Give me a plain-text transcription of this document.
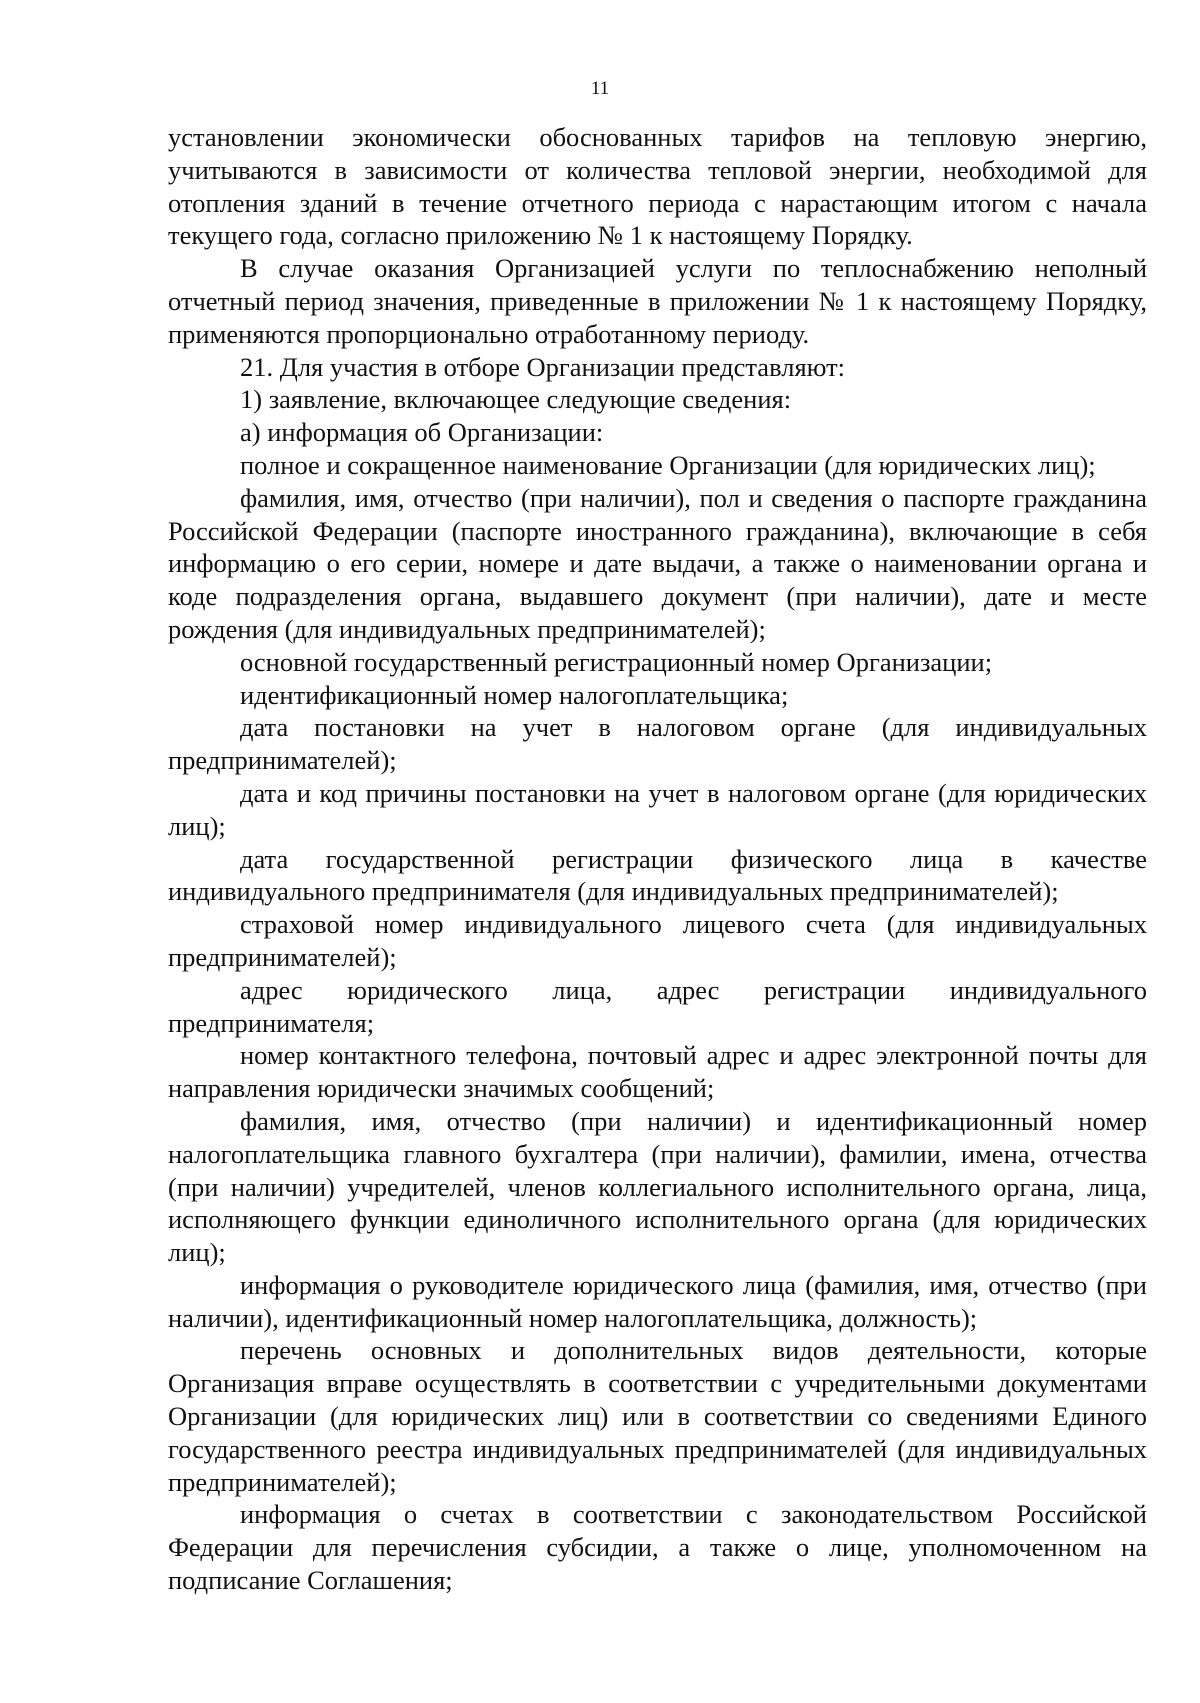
11

установлении экономически обоснованных тарифов на тепловую энергию, учитываются в зависимости от количества тепловой энергии, необходимой для отопления зданий в течение отчетного периода с нарастающим итогом с начала текущего года, согласно приложению № 1 к настоящему Порядку.

В случае оказания Организацией услуги по теплоснабжению неполный отчетный период значения, приведенные в приложении № 1 к настоящему Порядку, применяются пропорционально отработанному периоду.

21. Для участия в отборе Организации представляют:

1) заявление, включающее следующие сведения:

а) информация об Организации:

полное и сокращенное наименование Организации (для юридических лиц);

фамилия, имя, отчество (при наличии), пол и сведения о паспорте гражданина Российской Федерации (паспорте иностранного гражданина), включающие в себя информацию о его серии, номере и дате выдачи, а также о наименовании органа и коде подразделения органа, выдавшего документ (при наличии), дате и месте рождения (для индивидуальных предпринимателей);

основной государственный регистрационный номер Организации;

идентификационный номер налогоплательщика;

дата постановки на учет в налоговом органе (для индивидуальных предпринимателей);

дата и код причины постановки на учет в налоговом органе (для юридических лиц);

дата государственной регистрации физического лица в качестве индивидуального предпринимателя (для индивидуальных предпринимателей);

страховой номер индивидуального лицевого счета (для индивидуальных предпринимателей);

адрес юридического лица, адрес регистрации индивидуального предпринимателя;

номер контактного телефона, почтовый адрес и адрес электронной почты для направления юридически значимых сообщений;

фамилия, имя, отчество (при наличии) и идентификационный номер налогоплательщика главного бухгалтера (при наличии), фамилии, имена, отчества (при наличии) учредителей, членов коллегиального исполнительного органа, лица, исполняющего функции единоличного исполнительного органа (для юридических лиц);

информация о руководителе юридического лица (фамилия, имя, отчество (при наличии), идентификационный номер налогоплательщика, должность);

перечень основных и дополнительных видов деятельности, которые Организация вправе осуществлять в соответствии с учредительными документами Организации (для юридических лиц) или в соответствии со сведениями Единого государственного реестра индивидуальных предпринимателей (для индивидуальных предпринимателей);

информация о счетах в соответствии с законодательством Российской Федерации для перечисления субсидии, а также о лице, уполномоченном на подписание Соглашения;
